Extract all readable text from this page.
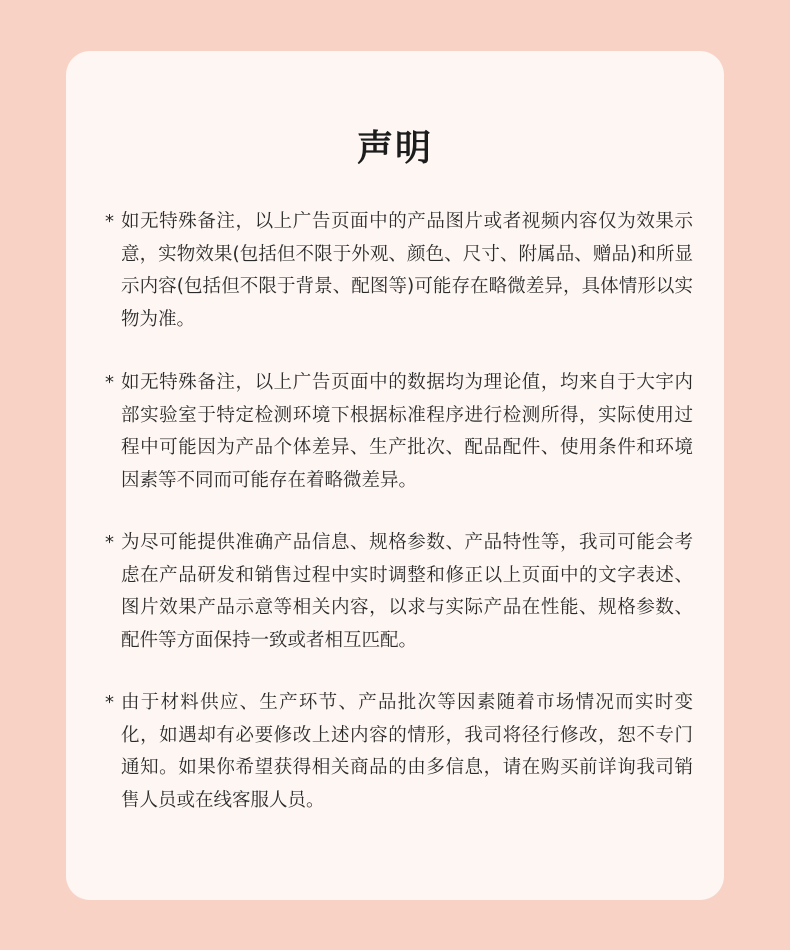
声明
* 如无特殊备注，以上广告页面中的产品图片或者视频内容仅为效果示意，实物效果(包括但不限于外观、颜色、尺寸、附属品、赠品)和所显示内容(包括但不限于背景、配图等)可能存在略微差异，具体情形以实物为准。
* 如无特殊备注，以上广告页面中的数据均为理论值，均来自于大宇内部实验室于特定检测环境下根据标准程序进行检测所得，实际使用过程中可能因为产品个体差异、生产批次、配品配件、使用条件和环境因素等不同而可能存在着略微差异。
* 为尽可能提供准确产品信息、规格参数、产品特性等，我司可能会考虑在产品研发和销售过程中实时调整和修正以上页面中的文字表述、图片效果产品示意等相关内容，以求与实际产品在性能、规格参数、配件等方面保持一致或者相互匹配。
* 由于材料供应、生产环节、产品批次等因素随着市场情况而实时变化，如遇却有必要修改上述内容的情形，我司将径行修改，恕不专门通知。如果你希望获得相关商品的由多信息，请在购买前详询我司销售人员或在线客服人员。
